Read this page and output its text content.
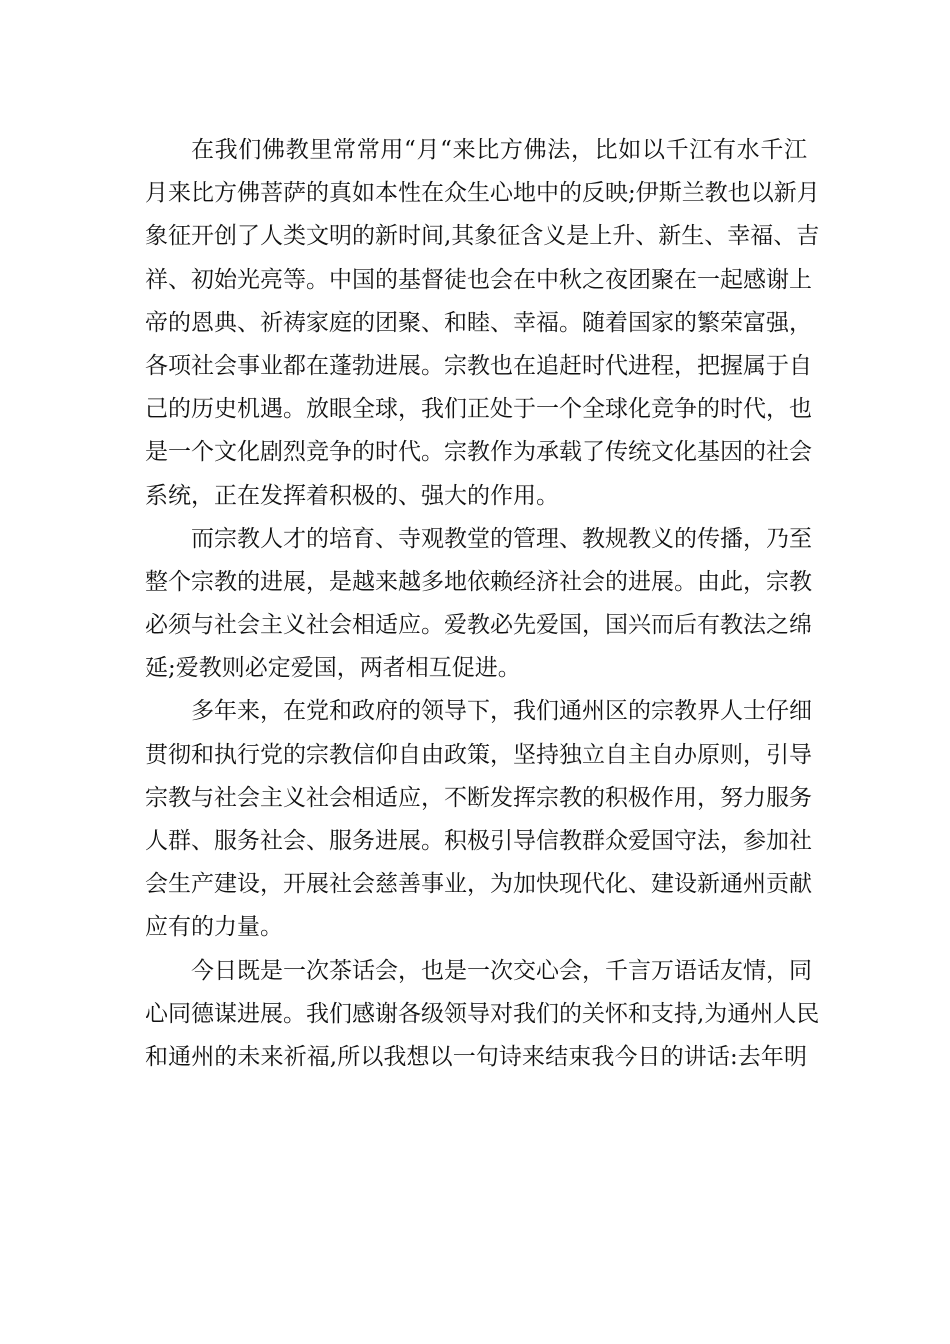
在我们佛教里常常用“月“来比方佛法，比如以千江有水千江
月来比方佛菩萨的真如本性在众生心地中的反映;伊斯兰教也以新月
象征开创了人类文明的新时间,其象征含义是上升、新生、幸福、吉
祥、初始光亮等。中国的基督徒也会在中秋之夜团聚在一起感谢上
帝的恩典、祈祷家庭的团聚、和睦、幸福。随着国家的繁荣富强，
各项社会事业都在蓬勃进展。宗教也在追赶时代进程，把握属于自
己的历史机遇。放眼全球，我们正处于一个全球化竞争的时代，也
是一个文化剧烈竞争的时代。宗教作为承载了传统文化基因的社会
系统，正在发挥着积极的、强大的作用。
而宗教人才的培育、寺观教堂的管理、教规教义的传播，乃至
整个宗教的进展，是越来越多地依赖经济社会的进展。由此，宗教
必须与社会主义社会相适应。爱教必先爱国，国兴而后有教法之绵
延;爱教则必定爱国，两者相互促进。
多年来，在党和政府的领导下，我们通州区的宗教界人士仔细
贯彻和执行党的宗教信仰自由政策，坚持独立自主自办原则，引导
宗教与社会主义社会相适应，不断发挥宗教的积极作用，努力服务
人群、服务社会、服务进展。积极引导信教群众爱国守法，参加社
会生产建设，开展社会慈善事业，为加快现代化、建设新通州贡献
应有的力量。
今日既是一次茶话会，也是一次交心会，千言万语话友情，同
心同德谋进展。我们感谢各级领导对我们的关怀和支持,为通州人民
和通州的未来祈福,所以我想以一句诗来结束我今日的讲话:去年明
